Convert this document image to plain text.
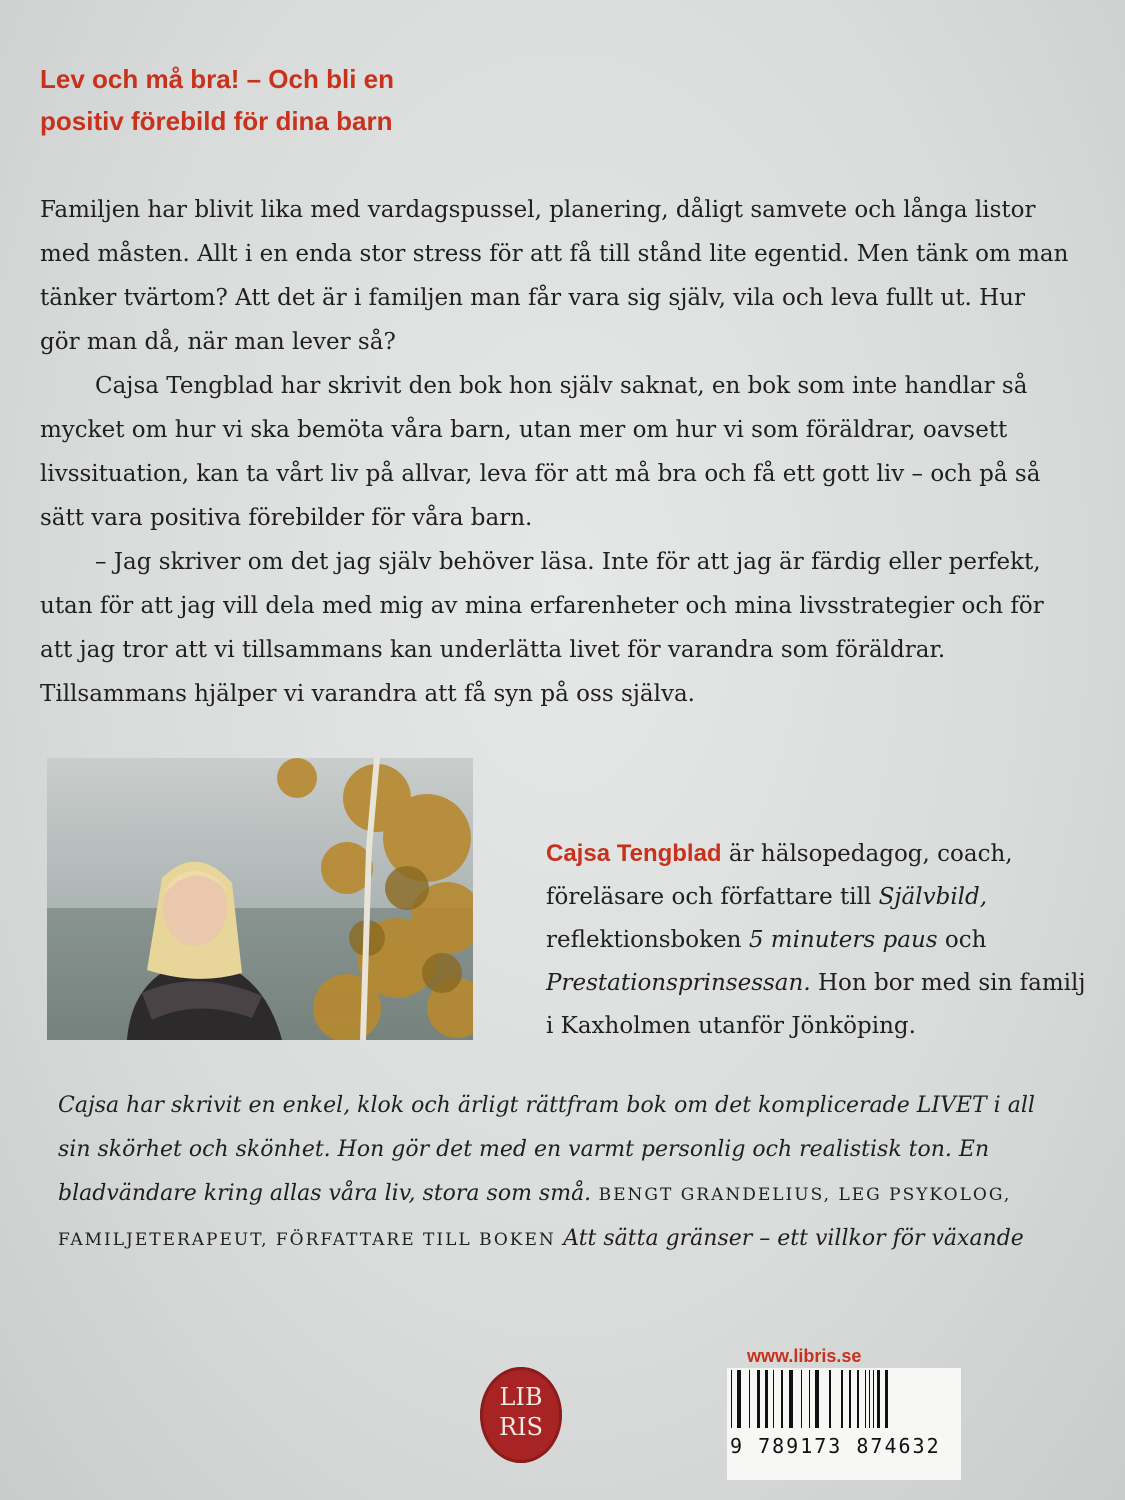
Lev och må bra! – Och bli en
positiv förebild för dina barn

Familjen har blivit lika med vardagspussel, planering, dåligt samvete och långa listor med måsten. Allt i en enda stor stress för att få till stånd lite egentid. Men tänk om man tänker tvärtom? Att det är i familjen man får vara sig själv, vila och leva fullt ut. Hur gör man då, när man lever så?

Cajsa Tengblad har skrivit den bok hon själv saknat, en bok som inte handlar så mycket om hur vi ska bemöta våra barn, utan mer om hur vi som föräldrar, oavsett livssituation, kan ta vårt liv på allvar, leva för att må bra och få ett gott liv – och på så sätt vara positiva förebilder för våra barn.

– Jag skriver om det jag själv behöver läsa. Inte för att jag är färdig eller perfekt, utan för att jag vill dela med mig av mina erfarenheter och mina livsstrategier och för att jag tror att vi tillsammans kan underlätta livet för varandra som föräldrar. Tillsammans hjälper vi varandra att få syn på oss själva.

Cajsa Tengblad är hälsopedagog, coach, föreläsare och författare till Självbild, reflektionsboken 5 minuters paus och Prestationsprinsessan. Hon bor med sin familj i Kaxholmen utanför Jönköping.

Cajsa har skrivit en enkel, klok och ärligt rättfram bok om det komplicerade LIVET i all sin skörhet och skönhet. Hon gör det med en varmt personlig och realistisk ton. En bladvändare kring allas våra liv, stora som små. BENGT GRANDELIUS, LEG PSYKOLOG, FAMILJETERAPEUT, FÖRFATTARE TILL BOKEN Att sätta gränser – ett villkor för växande

LIB
RIS

www.libris.se

9 789173 874632
